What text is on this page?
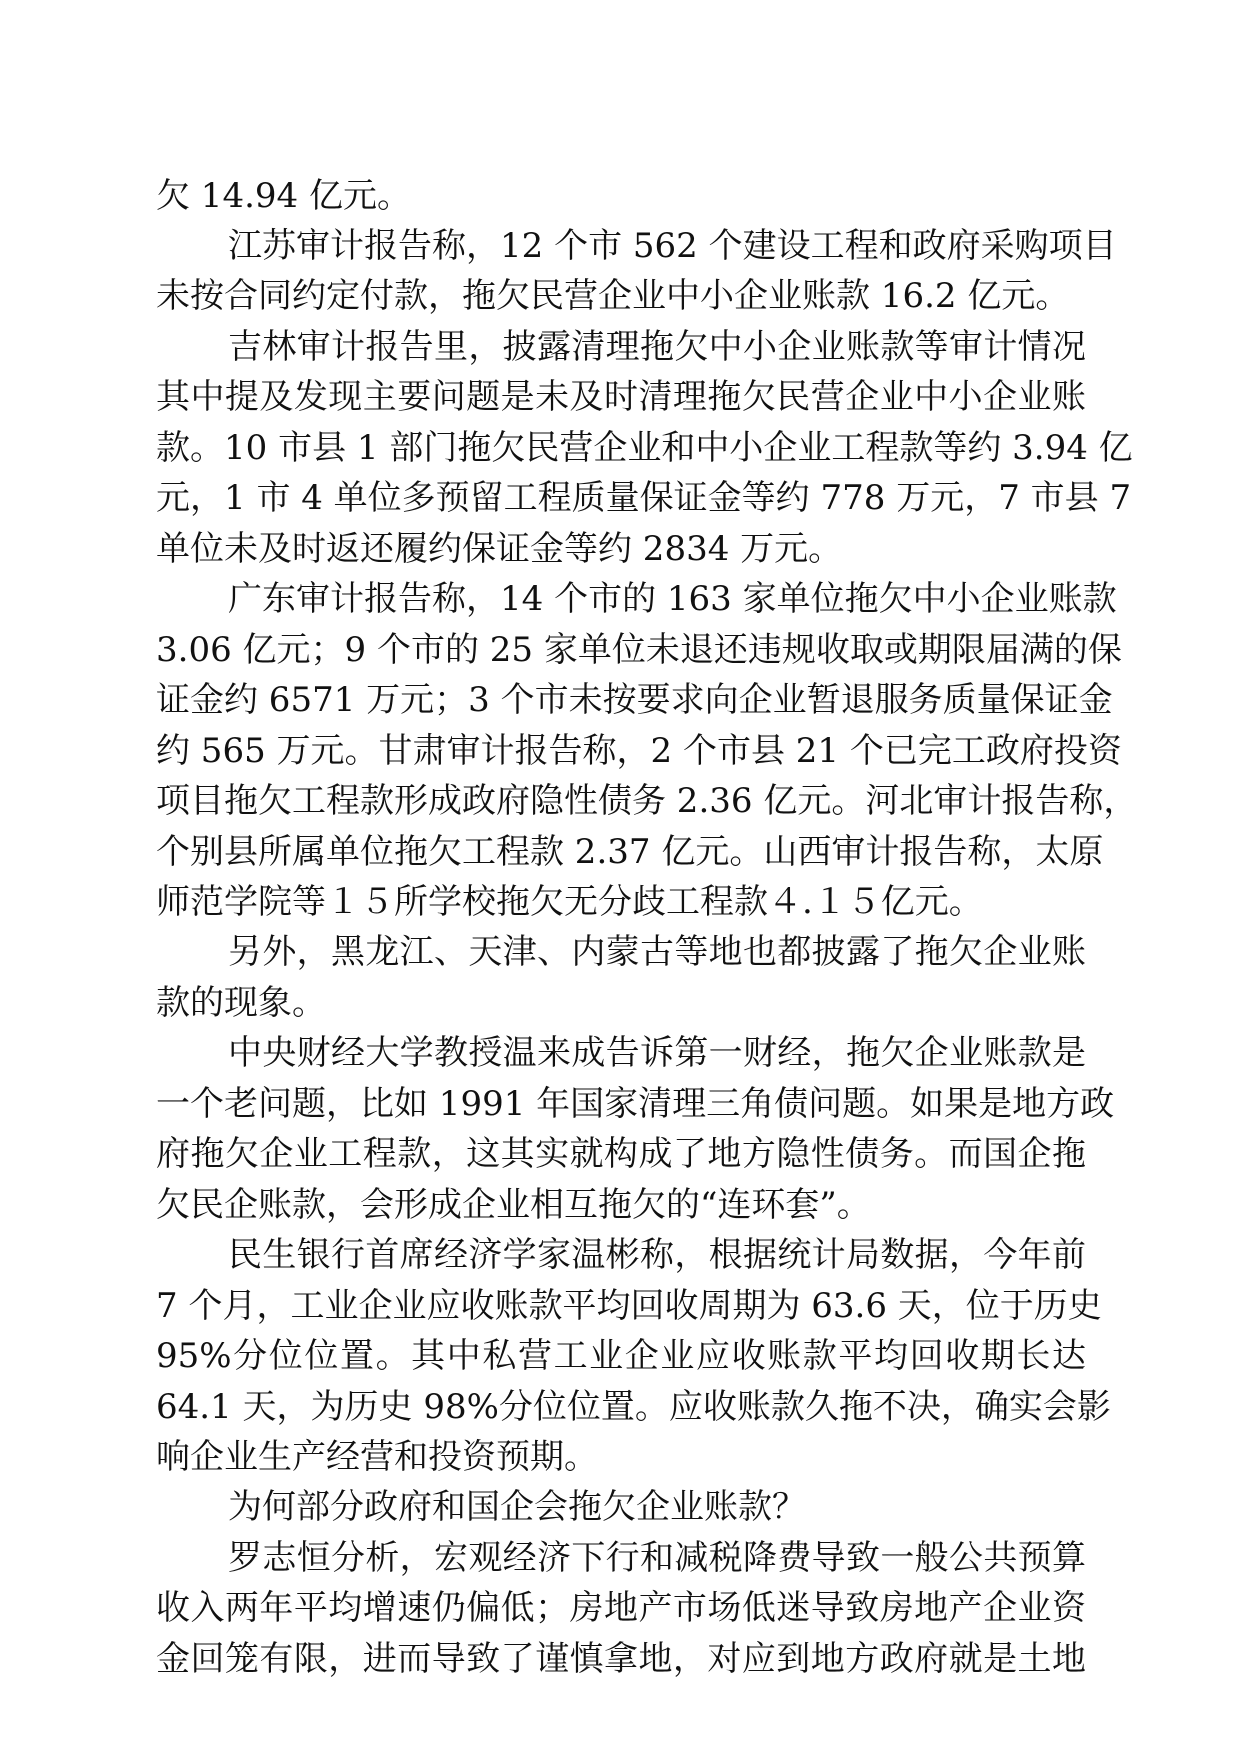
欠 14.94 亿元。

江苏审计报告称，12 个市 562 个建设工程和政府采购项目

未按合同约定付款，拖欠民营企业中小企业账款 16.2 亿元。

吉林审计报告里，披露清理拖欠中小企业账款等审计情况

其中提及发现主要问题是未及时清理拖欠民营企业中小企业账

款。10 市县 1 部门拖欠民营企业和中小企业工程款等约 3.94 亿

元，1 市 4 单位多预留工程质量保证金等约 778 万元，7 市县 7

单位未及时返还履约保证金等约 2834 万元。

广东审计报告称，14 个市的 163 家单位拖欠中小企业账款

3.06 亿元；9 个市的 25 家单位未退还违规收取或期限届满的保

证金约 6571 万元；3 个市未按要求向企业暂退服务质量保证金

约 565 万元。甘肃审计报告称，2 个市县 21 个已完工政府投资

项目拖欠工程款形成政府隐性债务 2.36 亿元。河北审计报告称，

个别县所属单位拖欠工程款 2.37 亿元。山西审计报告称，太原

师范学院等１５所学校拖欠无分歧工程款４.１５亿元。

另外，黑龙江、天津、内蒙古等地也都披露了拖欠企业账

款的现象。

中央财经大学教授温来成告诉第一财经，拖欠企业账款是

一个老问题，比如 1991 年国家清理三角债问题。如果是地方政

府拖欠企业工程款，这其实就构成了地方隐性债务。而国企拖

欠民企账款，会形成企业相互拖欠的“连环套”。

民生银行首席经济学家温彬称，根据统计局数据，今年前

7 个月，工业企业应收账款平均回收周期为 63.6 天，位于历史

95%分位位置。其中私营工业企业应收账款平均回收期长达

64.1 天，为历史 98%分位位置。应收账款久拖不决，确实会影

响企业生产经营和投资预期。

为何部分政府和国企会拖欠企业账款？

罗志恒分析，宏观经济下行和减税降费导致一般公共预算

收入两年平均增速仍偏低；房地产市场低迷导致房地产企业资

金回笼有限，进而导致了谨慎拿地，对应到地方政府就是土地
